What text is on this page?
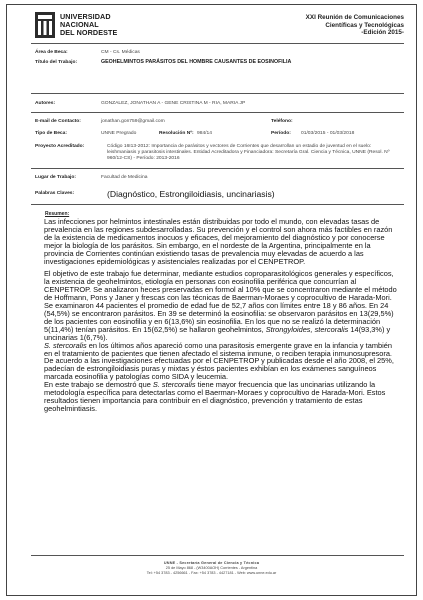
UNIVERSIDAD
NACIONAL
DEL NORDESTE
XXI Reunión de Comunicaciones
Científicas y Tecnológicas
-Edición 2015-
Área de Beca:	CM - Cs. Médicas
Título del Trabajo:	GEOHELMINTOS PARÁSITOS DEL HOMBRE CAUSANTES DE EOSINOFILIA
Autores:	GONZALEZ, JONATHAN A - GENE CRISTINA M - RIA, MARIA JP
E-mail de Contacto:	jonathan.gon759@gmail.com	Teléfono:
Tipo de Beca:	UNNE Pregrado	Resolución Nº: 984/14	Período: 01/03/2015 - 01/03/2018
Proyecto Acreditado:	Código 16I13-2012: Importancia de parásitos y vectores de Corrientes que desarrollan un estadio de juventud en el suelo: leishmaniasis y parasitosis intestinales. Entidad Acreditadora y Financiadora: Secretaría Gral. Ciencia y Técnica, UNNE (Resol. Nº 960/12-CS) - Período: 2013-2016
Lugar de Trabajo:	Facultad de Medicina
Palabras Claves:	(Diagnóstico, Estrongiloidiasis, uncinariasis)
Resumen:

Las infecciones por helmintos intestinales están distribuidas por todo el mundo, con elevadas tasas de prevalencia en las regiones subdesarrolladas. Su prevención y el control son ahora más factibles en razón de la existencia de medicamentos inocuos y eficaces, del mejoramiento del diagnóstico y por conocerse mejor la biología de los parásitos. Sin embargo, en el nordeste de la Argentina, principalmente en la provincia de Corrientes continúan existiendo tasas de prevalencia muy elevadas de acuerdo a las investigaciones epidemiológicas y asistenciales realizadas por el CENPETROP.

El objetivo de este trabajo fue determinar, mediante estudios coproparasitológicos generales y específicos, la existencia de geohelmintos, etiología en personas con eosinofilia periférica que concurrían al CENPETROP. Se analizaron heces preservadas en formol al 10% que se concentraron mediante el método de Hoffmann, Pons y Janer y frescas con las técnicas de Baerman-Moraes y coprocultivo de Harada-Mori. Se examinaron 44 pacientes el promedio de edad fue de 52,7 años con límites entre 18 y 86 años. En 24 (54,5%) se encontraron parásitos. En 39 se determinó la eosinofilia: se observaron parásitos en 13(29,5%) de los pacientes con eosinofilia y en 6(13,6%) sin eosinofilia. En los que no se realizó la determinación 5(11,4%) tenían parásitos. En 15(62,5%) se hallaron geohelmintos, Strongyloides, stercoralis 14(93,3%) y uncinarias 1(6,7%).

S. stercoralis en los últimos años apareció como una parasitosis emergente grave en la infancia y también en el tratamiento de pacientes que tienen afectado el sistema inmune, o reciben terapia inmunosupresora.

De acuerdo a las investigaciones efectuadas por el CENPETROP y publicadas desde el año 2008, el 25%, padecían de estrongiloidiasis puras y mixtas y éstos pacientes exhibían en los exámenes sanguíneos marcada eosinofilia y patologías como SIDA y leucemia.

En este trabajo se demostró que S. stercoralis tiene mayor frecuencia que las uncinarias utilizando la metodología específica para detectarlas como el Baerman-Moraes y coprocultivo de Harada-Mori. Estos resultados tienen importancia para contribuir en el diagnóstico, prevención y tratamiento de estas geohelmintiasis.

UNNE - Secretaría General de Ciencia y Técnica
25 de Mayo 868 - (W3400AOH) Corrientes - Argentina
Tel: +54 3783 - 4256661 - Fax: +54 3783 - 4427181 - Web: www.unne.edu.ar
